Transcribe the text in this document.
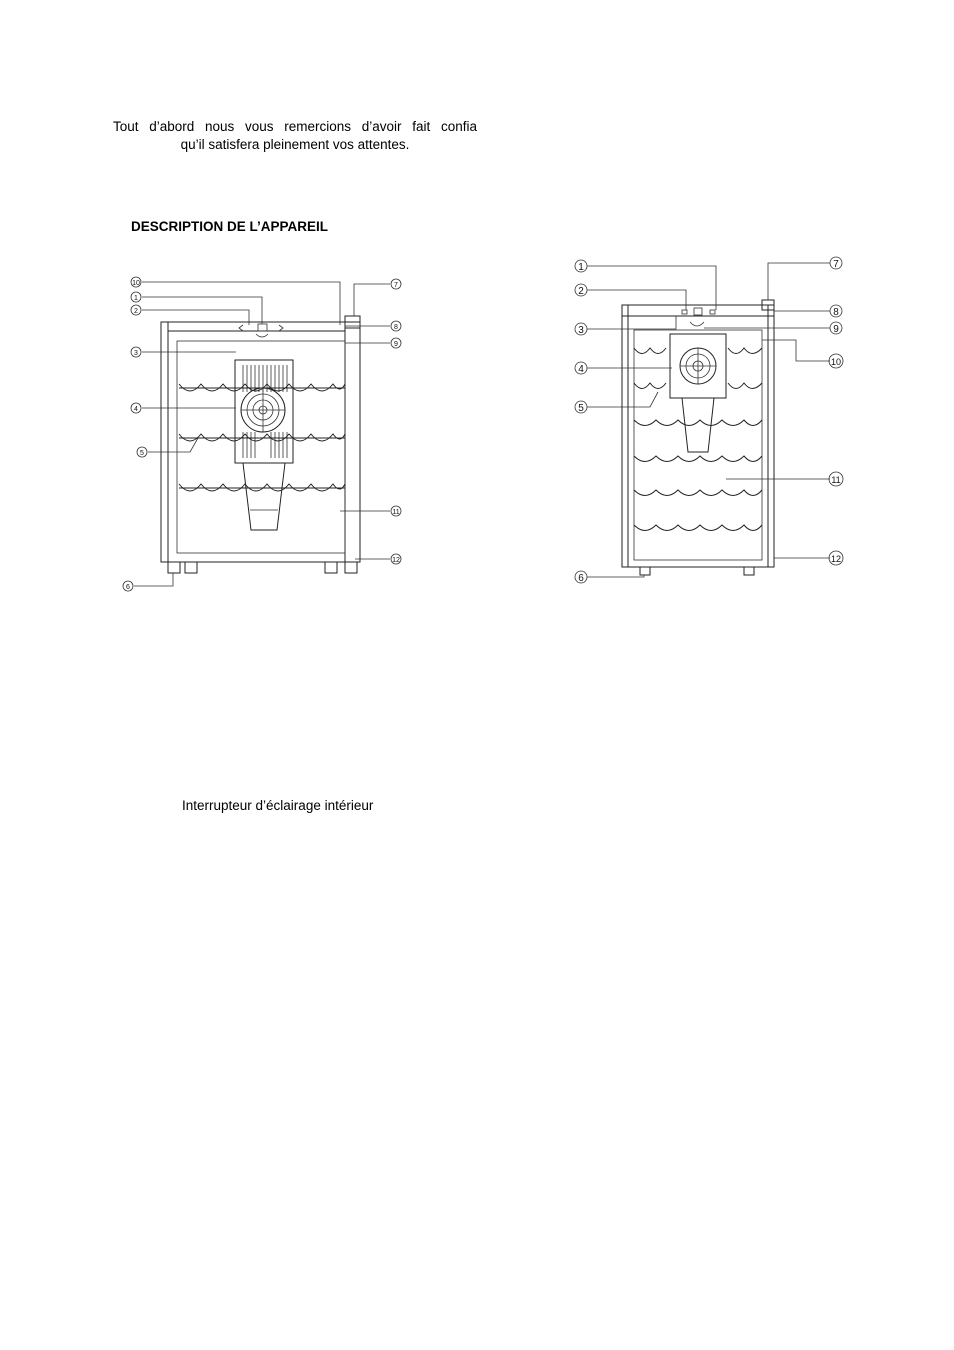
Tout d’abord nous vous remercions d’avoir fait confia
qu’il satisfera pleinement vos attentes.
DESCRIPTION DE L’APPAREIL
Interrupteur d’éclairage intérieur
10
1
2
3
4
5
6
7
8
9
11
12
1
2
3
4
5
6
7
8
9
10
11
12
